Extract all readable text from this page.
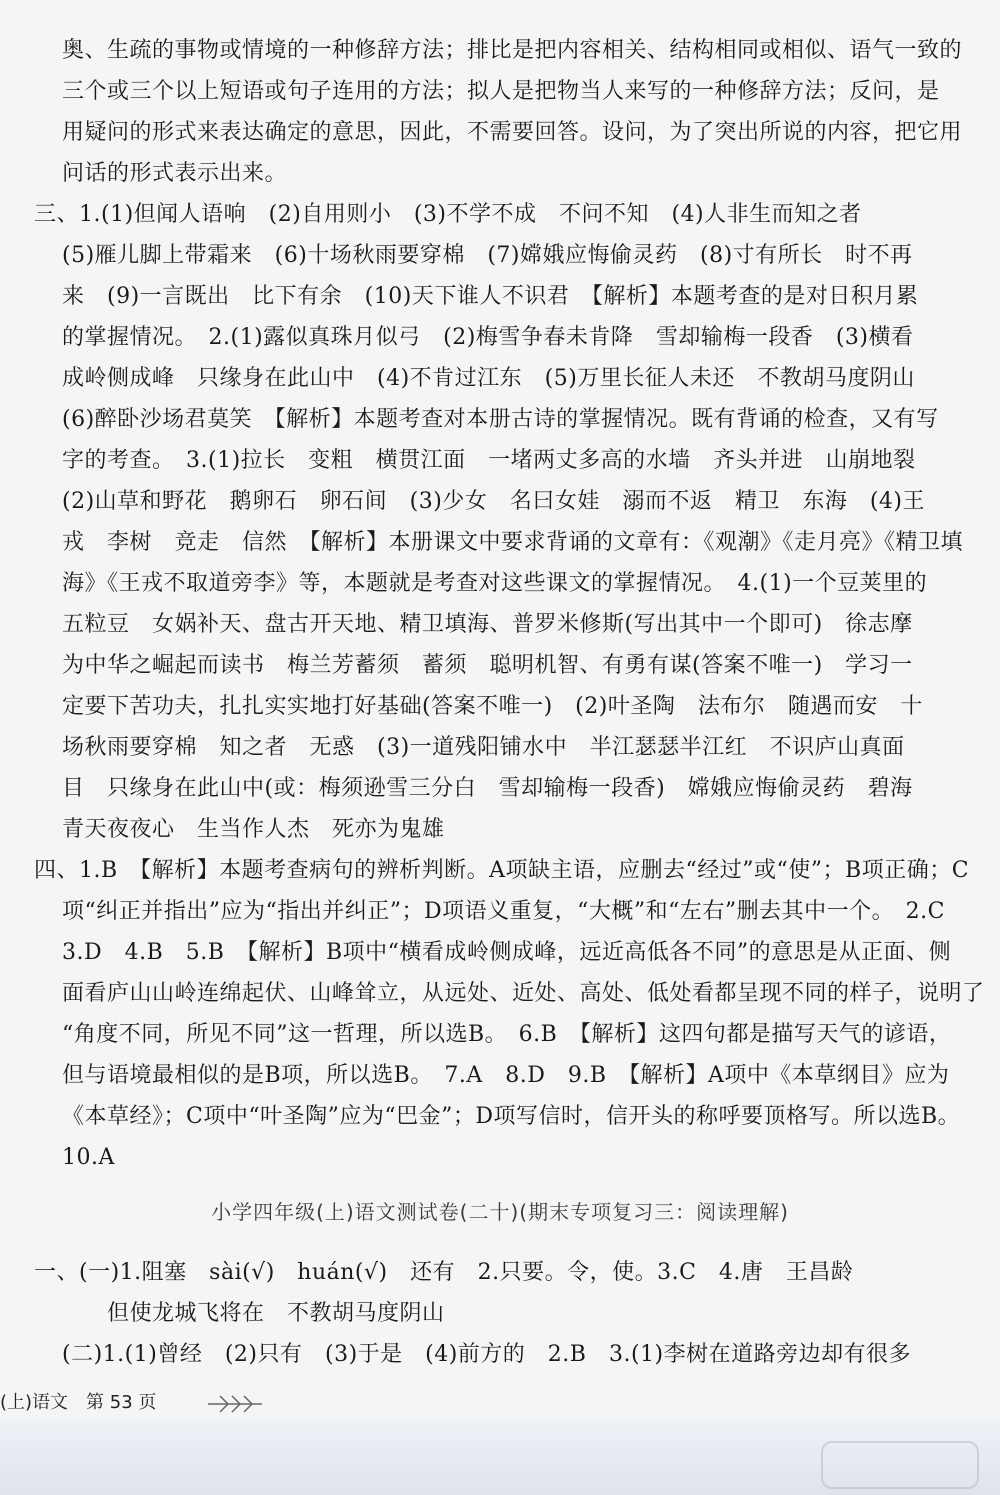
奥、生疏的事物或情境的一种修辞方法；排比是把内容相关、结构相同或相似、语气一致的
三个或三个以上短语或句子连用的方法；拟人是把物当人来写的一种修辞方法；反问，是
用疑问的形式来表达确定的意思，因此，不需要回答。设问，为了突出所说的内容，把它用
问话的形式表示出来。
三、1.(1)但闻人语响　(2)自用则小　(3)不学不成　不问不知　(4)人非生而知之者
(5)雁儿脚上带霜来　(6)十场秋雨要穿棉　(7)嫦娥应悔偷灵药　(8)寸有所长　时不再
来　(9)一言既出　比下有余　(10)天下谁人不识君　【解析】本题考查的是对日积月累
的掌握情况。　2.(1)露似真珠月似弓　(2)梅雪争春未肯降　雪却输梅一段香　(3)横看
成岭侧成峰　只缘身在此山中　(4)不肯过江东　(5)万里长征人未还　不教胡马度阴山
(6)醉卧沙场君莫笑　【解析】本题考查对本册古诗的掌握情况。既有背诵的检查，又有写
字的考查。　3.(1)拉长　变粗　横贯江面　一堵两丈多高的水墙　齐头并进　山崩地裂
(2)山草和野花　鹅卵石　卵石间　(3)少女　名曰女娃　溺而不返　精卫　东海　(4)王
戎　李树　竞走　信然　【解析】本册课文中要求背诵的文章有：《观潮》《走月亮》《精卫填
海》《王戎不取道旁李》等，本题就是考查对这些课文的掌握情况。　4.(1)一个豆荚里的
五粒豆　女娲补天、盘古开天地、精卫填海、普罗米修斯(写出其中一个即可)　徐志摩
为中华之崛起而读书　梅兰芳蓄须　蓄须　聪明机智、有勇有谋(答案不唯一)　学习一
定要下苦功夫，扎扎实实地打好基础(答案不唯一)　(2)叶圣陶　法布尔　随遇而安　十
场秋雨要穿棉　知之者　无惑　(3)一道残阳铺水中　半江瑟瑟半江红　不识庐山真面
目　只缘身在此山中(或：梅须逊雪三分白　雪却输梅一段香)　嫦娥应悔偷灵药　碧海
青天夜夜心　生当作人杰　死亦为鬼雄
四、1.B　【解析】本题考查病句的辨析判断。A项缺主语，应删去“经过”或“使”；B项正确；C
项“纠正并指出”应为“指出并纠正”；D项语义重复，“大概”和“左右”删去其中一个。　2.C
3.D　4.B　5.B　【解析】B项中“横看成岭侧成峰，远近高低各不同”的意思是从正面、侧
面看庐山山岭连绵起伏、山峰耸立，从远处、近处、高处、低处看都呈现不同的样子，说明了
“角度不同，所见不同”这一哲理，所以选B。　6.B　【解析】这四句都是描写天气的谚语，
但与语境最相似的是B项，所以选B。　7.A　8.D　9.B　【解析】A项中《本草纲目》应为
《本草经》；C项中“叶圣陶”应为“巴金”；D项写信时，信开头的称呼要顶格写。所以选B。
10.A
小学四年级(上)语文测试卷(二十)(期末专项复习三：阅读理解)
一、(一)1.阻塞　sài(√)　huán(√)　还有　2.只要。令，使。3.C　4.唐　王昌龄
　　但使龙城飞将在　不教胡马度阴山
(二)1.(1)曾经　(2)只有　(3)于是　(4)前方的　2.B　3.(1)李树在道路旁边却有很多
(上)语文　第 53 页
